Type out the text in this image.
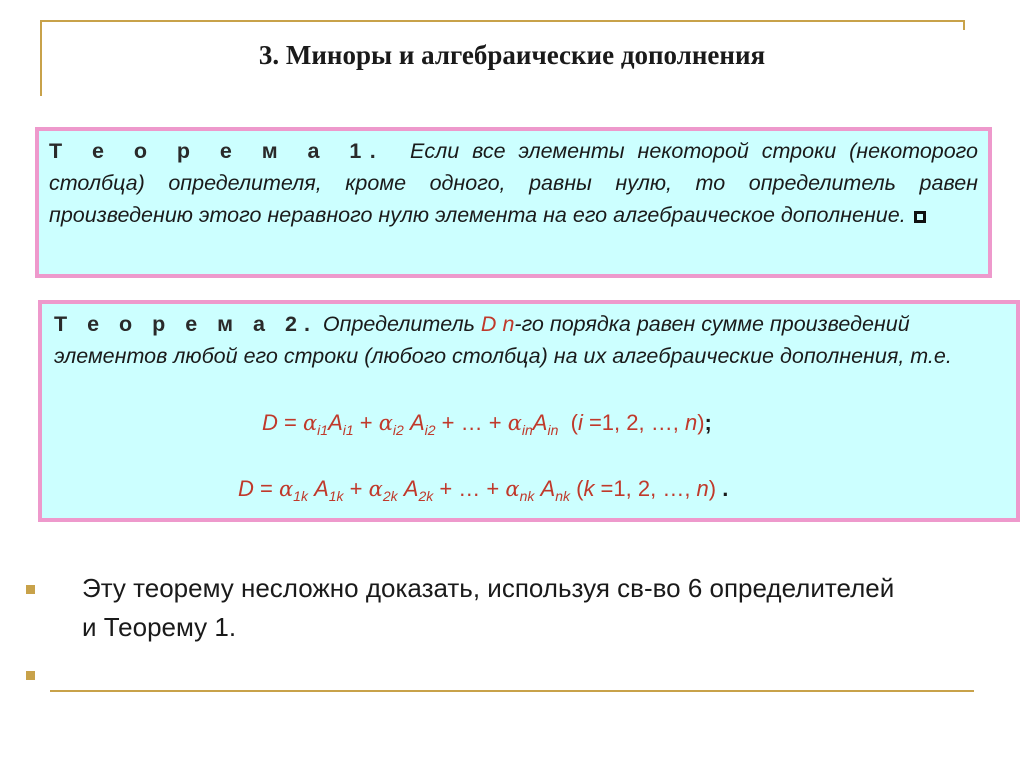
3. Миноры и алгебраические дополнения
Т е о р е м а 1. Если все элементы некоторой строки (некоторого столбца) определителя, кроме одного, равны нулю, то определитель равен произведению этого неравного нулю элемента на его алгебраическое дополнение.
Т е о р е м а 2. Определитель D n-го порядка равен сумме произведений элементов любой его строки (любого столбца) на их алгебраические дополнения, т.е.
$D = \alpha_{i1}A_{i1} + \alpha_{i2}$ $A_{i2}$ + … + $\alpha_{in}A_{in}$  (i =1, 2, …, n);
$D = \alpha_{1k}$ $A_{1k} + \alpha_{2k}$ $A_{2k}$ + … + $\alpha_{nk}$ $A_{nk}$ (k =1, 2, …, n) .
Эту теорему несложно доказать, используя св-во 6 определителей и Теорему 1.
